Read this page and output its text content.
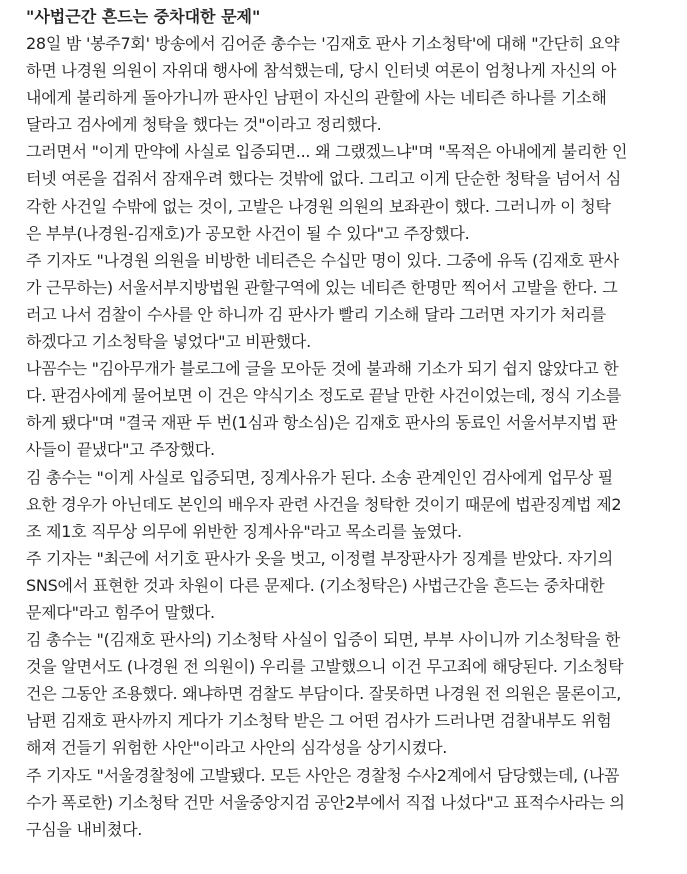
"사법근간 흔드는 중차대한 문제"

28일 밤 '봉주7회' 방송에서 김어준 총수는 '김재호 판사 기소청탁'에 대해 "간단히 요약
하면 나경원 의원이 자위대 행사에 참석했는데, 당시 인터넷 여론이 엄청나게 자신의 아
내에게 불리하게 돌아가니까 판사인 남편이 자신의 관할에 사는 네티즌 하나를 기소해
달라고 검사에게 청탁을 했다는 것"이라고 정리했다.

그러면서 "이게 만약에 사실로 입증되면... 왜 그랬겠느냐"며 "목적은 아내에게 불리한 인
터넷 여론을 겁줘서 잠재우려 했다는 것밖에 없다. 그리고 이게 단순한 청탁을 넘어서 심
각한 사건일 수밖에 없는 것이, 고발은 나경원 의원의 보좌관이 했다. 그러니까 이 청탁
은 부부(나경원-김재호)가 공모한 사건이 될 수 있다"고 주장했다.

주 기자도 "나경원 의원을 비방한 네티즌은 수십만 명이 있다. 그중에 유독 (김재호 판사
가 근무하는) 서울서부지방법원 관할구역에 있는 네티즌 한명만 찍어서 고발을 한다. 그
러고 나서 검찰이 수사를 안 하니까 김 판사가 빨리 기소해 달라 그러면 자기가 처리를
하겠다고 기소청탁을 넣었다"고 비판했다.

나꼼수는 "김아무개가 블로그에 글을 모아둔 것에 불과해 기소가 되기 쉽지 않았다고 한
다. 판검사에게 물어보면 이 건은 약식기소 정도로 끝날 만한 사건이었는데, 정식 기소를
하게 됐다"며 "결국 재판 두 번(1심과 항소심)은 김재호 판사의 동료인 서울서부지법 판
사들이 끝냈다"고 주장했다.

김 총수는 "이게 사실로 입증되면, 징계사유가 된다. 소송 관계인인 검사에게 업무상 필
요한 경우가 아닌데도 본인의 배우자 관련 사건을 청탁한 것이기 때문에 법관징계법 제2
조 제1호 직무상 의무에 위반한 징계사유"라고 목소리를 높였다.

주 기자는 "최근에 서기호 판사가 옷을 벗고, 이정렬 부장판사가 징계를 받았다. 자기의
SNS에서 표현한 것과 차원이 다른 문제다. (기소청탁은) 사법근간을 흔드는 중차대한
문제다"라고 힘주어 말했다.

김 총수는 "(김재호 판사의) 기소청탁 사실이 입증이 되면, 부부 사이니까 기소청탁을 한
것을 알면서도 (나경원 전 의원이) 우리를 고발했으니 이건 무고죄에 해당된다. 기소청탁
건은 그동안 조용했다. 왜냐하면 검찰도 부담이다. 잘못하면 나경원 전 의원은 물론이고,
남편 김재호 판사까지 게다가 기소청탁 받은 그 어떤 검사가 드러나면 검찰내부도 위험
해져 건들기 위험한 사안"이라고 사안의 심각성을 상기시켰다.

주 기자도 "서울경찰청에 고발됐다. 모든 사안은 경찰청 수사2계에서 담당했는데, (나꼼
수가 폭로한) 기소청탁 건만 서울중앙지검 공안2부에서 직접 나섰다"고 표적수사라는 의
구심을 내비쳤다.
